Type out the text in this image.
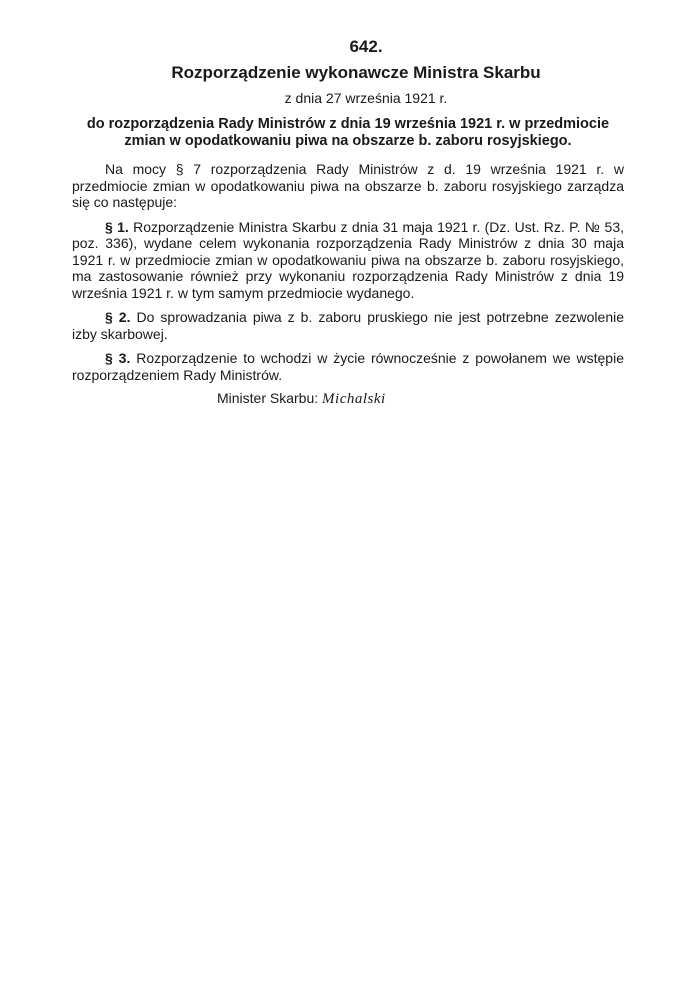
642.

Rozporządzenie wykonawcze Ministra Skarbu

z dnia 27 września 1921 r.

do rozporządzenia Rady Ministrów z dnia 19 września 1921 r. w przedmiocie zmian w opodatkowaniu piwa na obszarze b. zaboru rosyjskiego.

Na mocy § 7 rozporządzenia Rady Ministrów z d. 19 września 1921 r. w przedmiocie zmian w opodatkowaniu piwa na obszarze b. zaboru rosyjskiego zarządza się co następuje:

§ 1. Rozporządzenie Ministra Skarbu z dnia 31 maja 1921 r. (Dz. Ust. Rz. P. № 53, poz. 336), wydane celem wykonania rozporządzenia Rady Ministrów z dnia 30 maja 1921 r. w przedmiocie zmian w opodatkowaniu piwa na obszarze b. zaboru rosyjskiego, ma zastosowanie również przy wykonaniu rozporządzenia Rady Ministrów z dnia 19 września 1921 r. w tym samym przedmiocie wydanego.

§ 2. Do sprowadzania piwa z b. zaboru pruskiego nie jest potrzebne zezwolenie izby skarbowej.

§ 3. Rozporządzenie to wchodzi w życie równocześnie z powołanem we wstępie rozporządzeniem Rady Ministrów.

Minister Skarbu: Michalski
